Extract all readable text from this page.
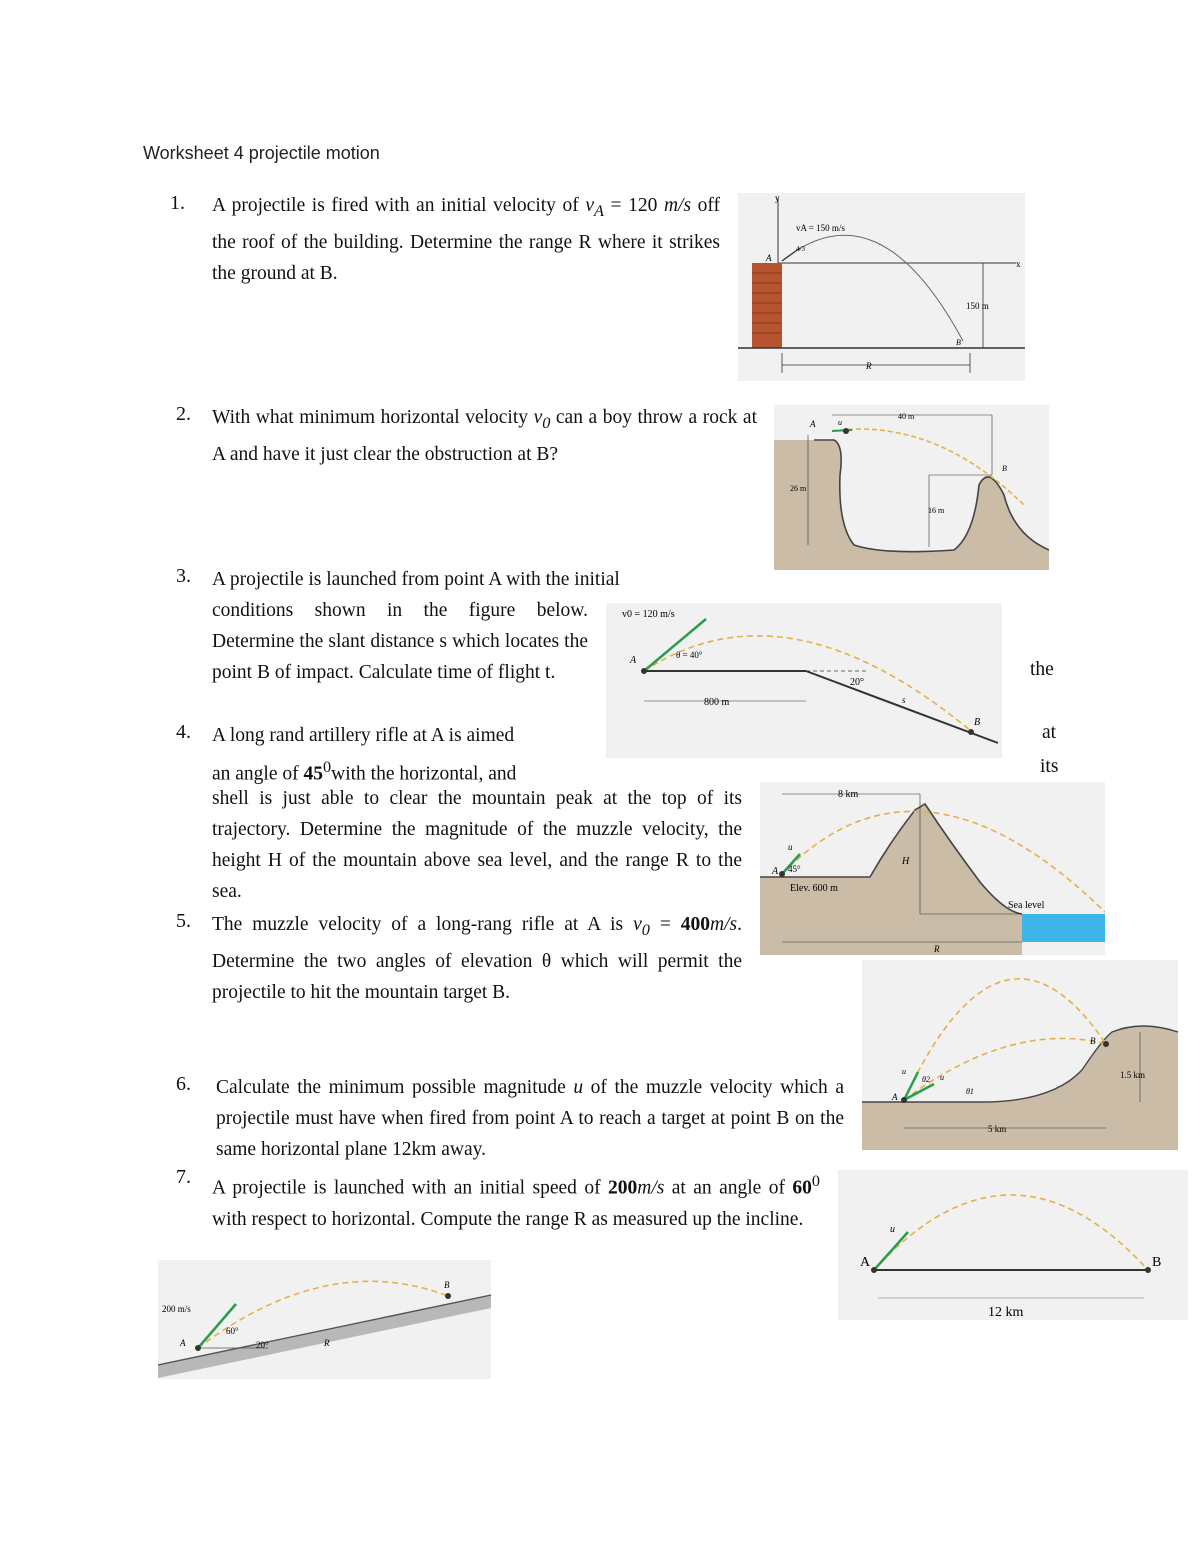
Worksheet 4 projectile motion
1. A projectile is fired with an initial velocity of $v_A = 120$ m/s off the roof of the building. Determine the range R where it strikes the ground at B.
y
x
vA = 150 m/s
4/3
A
B
150 m
R
2. With what minimum horizontal velocity $v_0$ can a boy throw a rock at A and have it just clear the obstruction at B?
A	u
40 m
B
26 m
16 m
3. A projectile is launched from point A with the initial
conditions shown in the figure below. Determine the slant distance s which locates the point B of impact. Calculate time of flight t.	the
v0 = 120 m/s
A	θ = 40°
20°
800 m	s
B
4. A long rand artillery rifle at A is aimed
an angle of $45^0with$ the horizontal, and
at
its
shell is just able to clear the mountain peak at the top of its trajectory. Determine the magnitude of the muzzle velocity, the height H of the mountain above sea level, and the range R to the sea.
8 km
u
A 45°
Elev. 600 m
H
Sea level
R
5. The muzzle velocity of a long-rang rifle at A is $v_0 = 400m/s$. Determine the two angles of elevation θ which will permit the projectile to hit the mountain target B.
u
A
θ2 u
θ1
B
1.5 km
5 km
6. Calculate the minimum possible magnitude u of the muzzle velocity which a projectile must have when fired from point A to reach a target at point B on the same horizontal plane 12km away.
u
A	B
12 km
7. A projectile is launched with an initial speed of 200m/s at an angle of $60^0$ with respect to horizontal. Compute the range R as measured up the incline.
200 m/s
A
60°
20°	R
B
